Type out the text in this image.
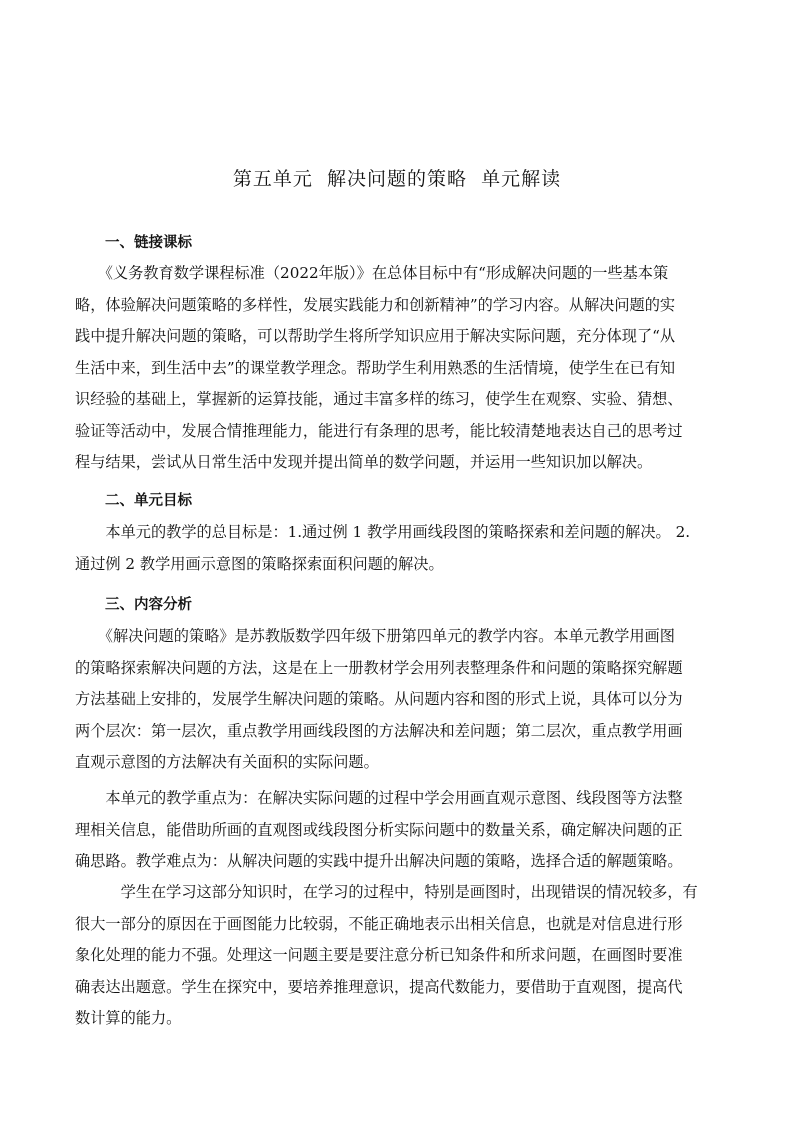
第五单元  解决问题的策略  单元解读
一、链接课标

　　《义务教育数学课程标准（2022年版）》在总体目标中有“形成解决问题的一些基本策

略，体验解决问题策略的多样性，发展实践能力和创新精神”的学习内容。从解决问题的实

践中提升解决问题的策略，可以帮助学生将所学知识应用于解决实际问题，充分体现了“从

生活中来，到生活中去”的课堂教学理念。帮助学生利用熟悉的生活情境，使学生在已有知

识经验的基础上，掌握新的运算技能，通过丰富多样的练习，使学生在观察、实验、猜想、

验证等活动中，发展合情推理能力，能进行有条理的思考，能比较清楚地表达自己的思考过

程与结果，尝试从日常生活中发现并提出简单的数学问题，并运用一些知识加以解决。

二、单元目标

　　本单元的教学的总目标是：1.通过例 1 教学用画线段图的策略探索和差问题的解决。 2.

通过例 2 教学用画示意图的策略探索面积问题的解决。

三、内容分析

　　《解决问题的策略》是苏教版数学四年级下册第四单元的教学内容。本单元教学用画图

的策略探索解决问题的方法，这是在上一册教材学会用列表整理条件和问题的策略探究解题

方法基础上安排的，发展学生解决问题的策略。从问题内容和图的形式上说，具体可以分为

两个层次：第一层次，重点教学用画线段图的方法解决和差问题；第二层次，重点教学用画

直观示意图的方法解决有关面积的实际问题。

　　本单元的教学重点为：在解决实际问题的过程中学会用画直观示意图、线段图等方法整

理相关信息，能借助所画的直观图或线段图分析实际问题中的数量关系，确定解决问题的正

确思路。教学难点为：从解决问题的实践中提升出解决问题的策略，选择合适的解题策略。

　　　学生在学习这部分知识时，在学习的过程中，特别是画图时，出现错误的情况较多，有

很大一部分的原因在于画图能力比较弱，不能正确地表示出相关信息，也就是对信息进行形

象化处理的能力不强。处理这一问题主要是要注意分析已知条件和所求问题，在画图时要准

确表达出题意。学生在探究中，要培养推理意识，提高代数能力，要借助于直观图，提高代

数计算的能力。
